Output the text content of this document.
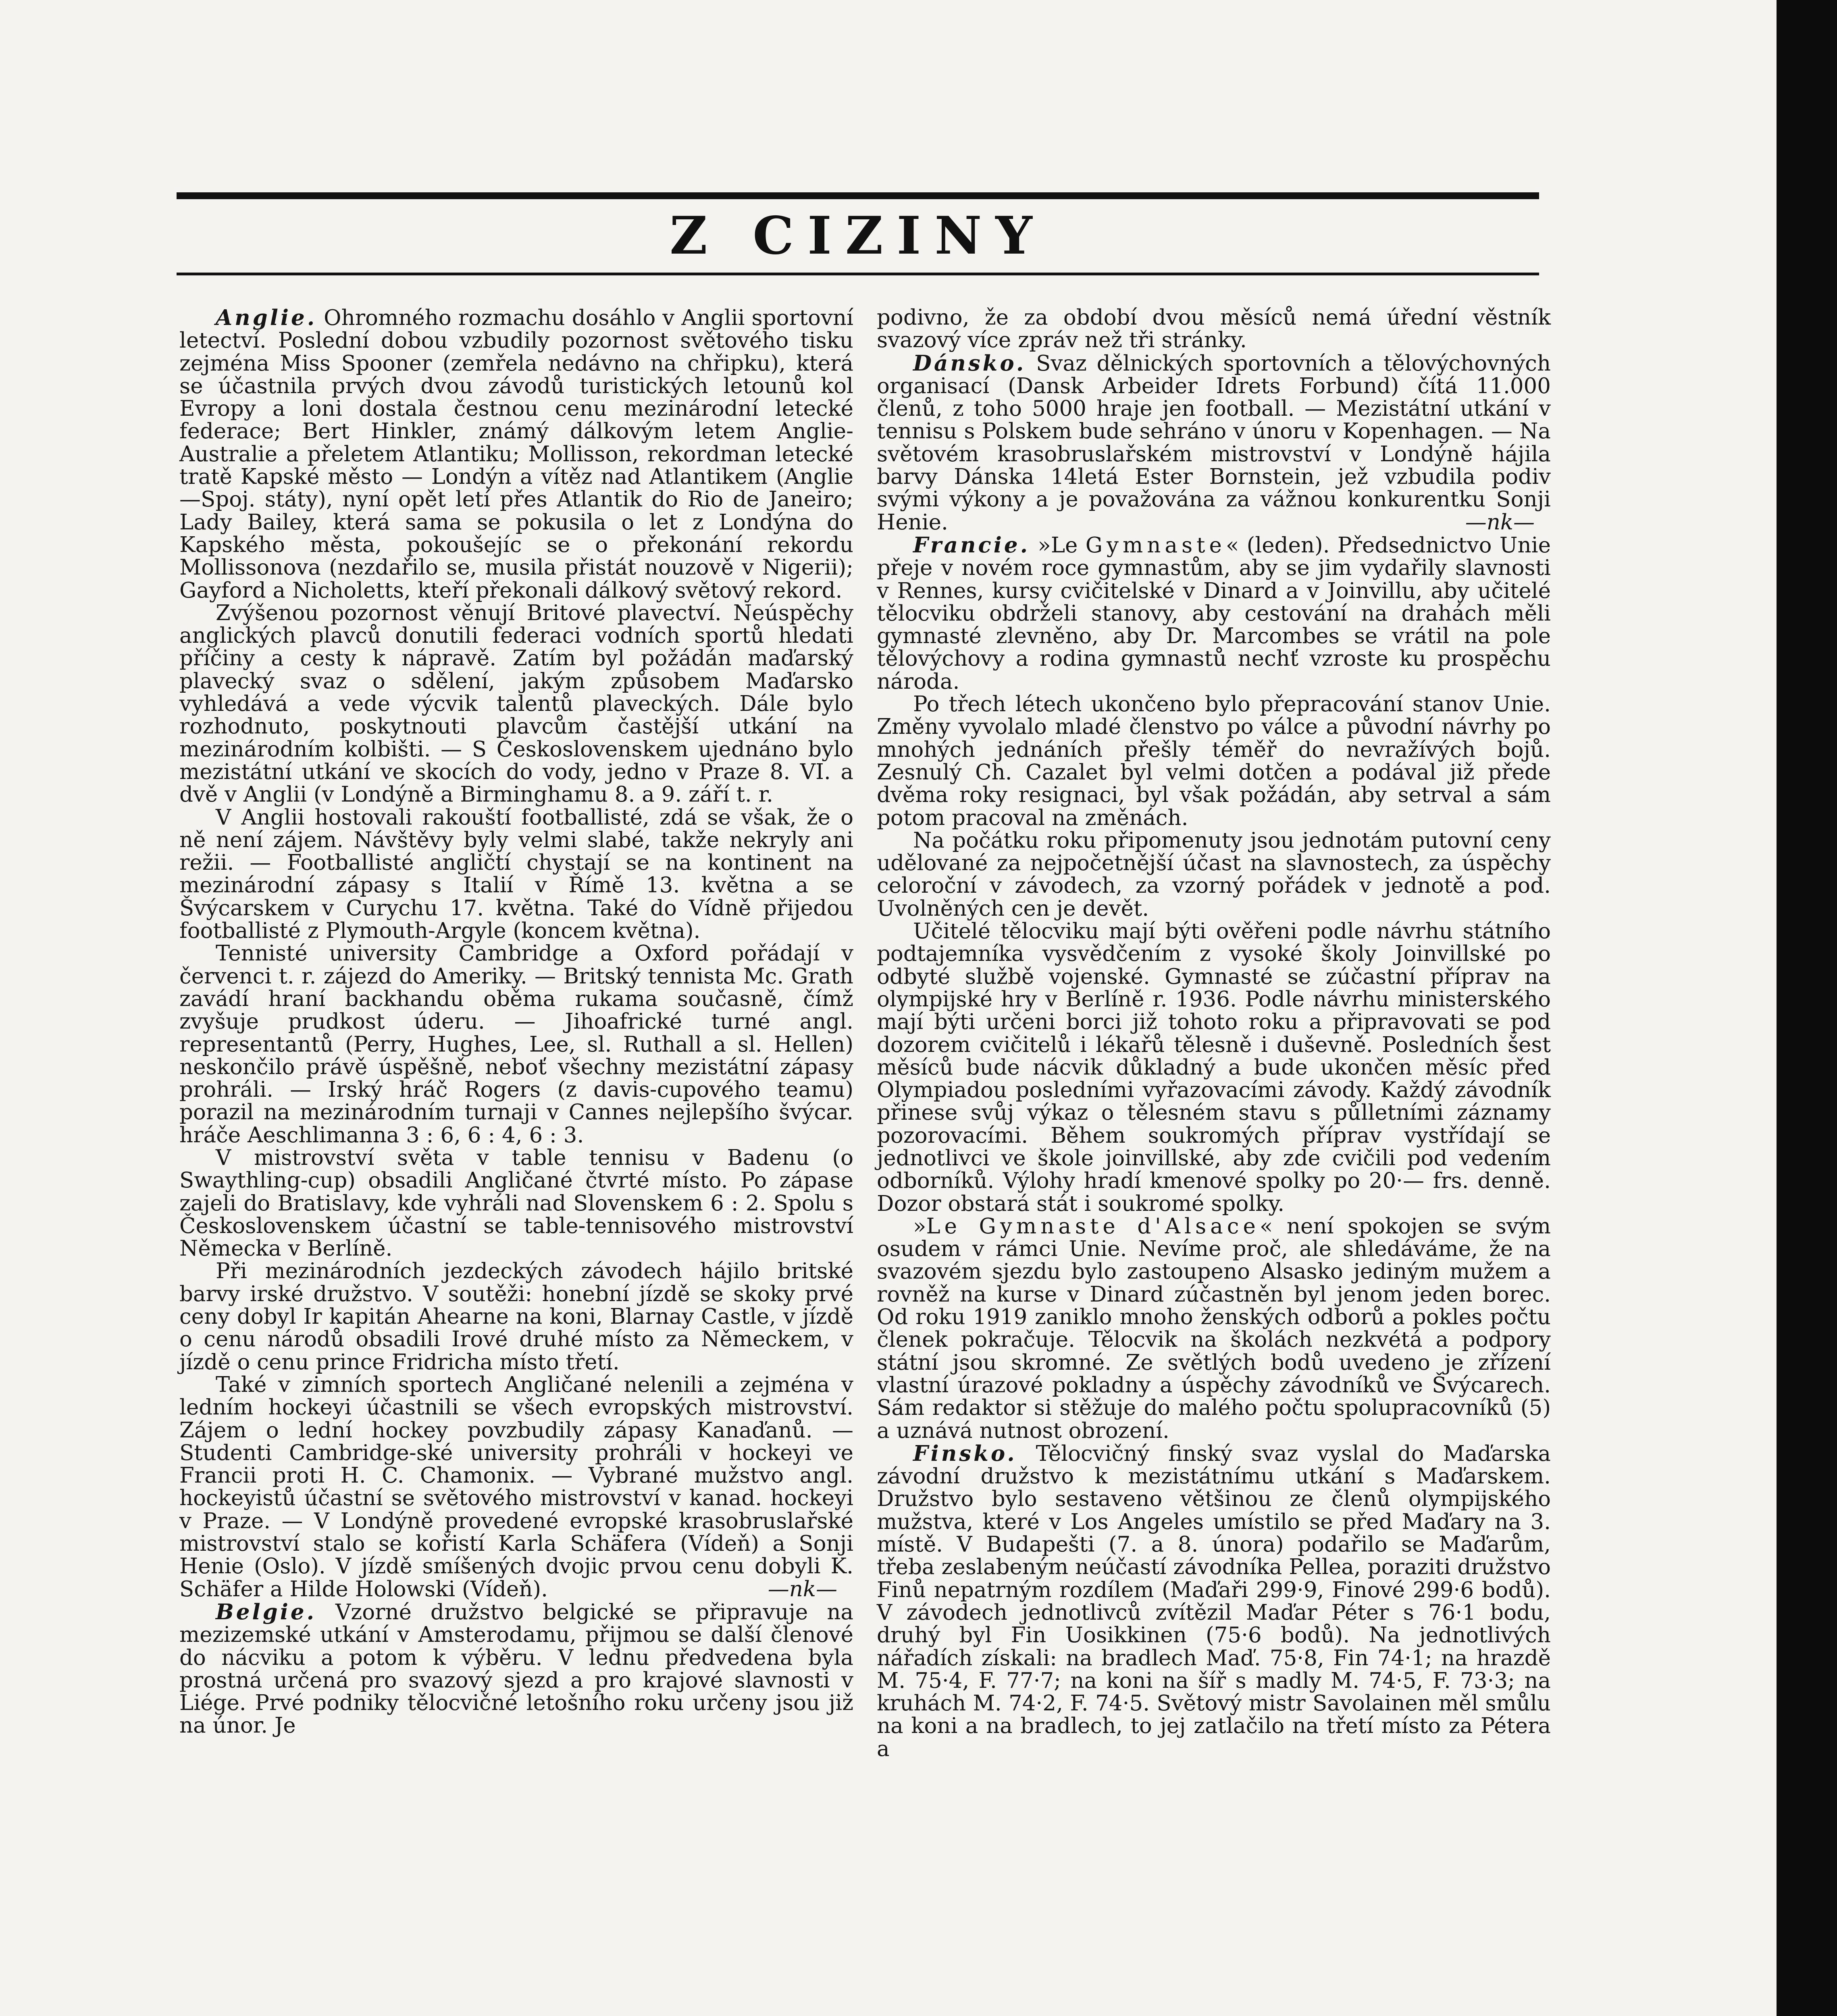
Z CIZINY

Anglie. Ohromného rozmachu dosáhlo v Anglii sportovní letectví. Poslední dobou vzbudily pozornost světového tisku zejména Miss Spooner (zemřela nedávno na chřipku), která se účastnila prvých dvou závodů turistických letounů kol Evropy a loni dostala čestnou cenu mezinárodní letecké federace; Bert Hinkler, známý dálkovým letem Anglie-Australie a přeletem Atlantiku; Mollisson, rekordman letecké tratě Kapské město — Londýn a vítěz nad Atlantikem (Anglie—Spoj. státy), nyní opět letí přes Atlantik do Rio de Janeiro; Lady Bailey, která sama se pokusila o let z Londýna do Kapského města, pokoušejíc se o překonání rekordu Mollissonova (nezdařilo se, musila přistát nouzově v Nigerii); Gayford a Nicholetts, kteří překonali dálkový světový rekord.

Zvýšenou pozornost věnují Britové plavectví. Neúspěchy anglických plavců donutili federaci vodních sportů hledati příčiny a cesty k nápravě. Zatím byl požádán maďarský plavecký svaz o sdělení, jakým způsobem Maďarsko vyhledává a vede výcvik talentů plaveckých. Dále bylo rozhodnuto, poskytnouti plavcům častější utkání na mezinárodním kolbišti. — S Československem ujednáno bylo mezistátní utkání ve skocích do vody, jedno v Praze 8. VI. a dvě v Anglii (v Londýně a Birminghamu 8. a 9. září t. r.

V Anglii hostovali rakouští footballisté, zdá se však, že o ně není zájem. Návštěvy byly velmi slabé, takže nekryly ani režii. — Footballisté angličtí chystají se na kontinent na mezinárodní zápasy s Italií v Římě 13. května a se Švýcarskem v Curychu 17. května. Také do Vídně přijedou footballisté z Plymouth-Argyle (koncem května).

Tennisté university Cambridge a Oxford pořádají v červenci t. r. zájezd do Ameriky. — Britský tennista Mc. Grath zavádí hraní backhandu oběma rukama současně, čímž zvyšuje prudkost úderu. — Jihoafrické turné angl. representantů (Perry, Hughes, Lee, sl. Ruthall a sl. Hellen) neskončilo právě úspěšně, neboť všechny mezistátní zápasy prohráli. — Irský hráč Rogers (z davis-cupového teamu) porazil na mezinárodním turnaji v Cannes nejlepšího švýcar. hráče Aeschlimanna 3 : 6, 6 : 4, 6 : 3.

V mistrovství světa v table tennisu v Badenu (o Swaythling-cup) obsadili Angličané čtvrté místo. Po zápase zajeli do Bratislavy, kde vyhráli nad Slovenskem 6 : 2. Spolu s Československem účastní se table-tennisového mistrovství Německa v Berlíně.

Při mezinárodních jezdeckých závodech hájilo britské barvy irské družstvo. V soutěži: honební jízdě se skoky prvé ceny dobyl Ir kapitán Ahearne na koni, Blarnay Castle, v jízdě o cenu národů obsadili Irové druhé místo za Německem, v jízdě o cenu prince Fridricha místo třetí.

Také v zimních sportech Angličané nelenili a zejména v ledním hockeyi účastnili se všech evropských mistrovství. Zájem o lední hockey povzbudily zápasy Kanaďanů. — Studenti Cambridge-ské university prohráli v hockeyi ve Francii proti H. C. Chamonix. — Vybrané mužstvo angl. hockeyistů účastní se světového mistrovství v kanad. hockeyi v Praze. — V Londýně provedené evropské krasobruslařské mistrovství stalo se kořistí Karla Schäfera (Vídeň) a Sonji Henie (Oslo). V jízdě smíšených dvojic prvou cenu dobyli K. Schäfer a Hilde Holowski (Vídeň).	—nk—

Belgie. Vzorné družstvo belgické se připravuje na mezizemské utkání v Amsterodamu, přijmou se další členové do nácviku a potom k výběru. V lednu předvedena byla prostná určená pro svazový sjezd a pro krajové slavnosti v Liége. Prvé podniky tělocvičné letošního roku určeny jsou již na únor. Je

podivno, že za období dvou měsíců nemá úřední věstník svazový více zpráv než tři stránky.

Dánsko. Svaz dělnických sportovních a tělovýchovných organisací (Dansk Arbeider Idrets Forbund) čítá 11.000 členů, z toho 5000 hraje jen football. — Mezistátní utkání v tennisu s Polskem bude sehráno v únoru v Kopenhagen. — Na světovém krasobruslařském mistrovství v Londýně hájila barvy Dánska 14letá Ester Bornstein, jež vzbudila podiv svými výkony a je považována za vážnou konkurentku Sonji Henie.	—nk—

Francie. »Le Gymnaste« (leden). Předsednictvo Unie přeje v novém roce gymnastům, aby se jim vydařily slavnosti v Rennes, kursy cvičitelské v Dinard a v Joinvillu, aby učitelé tělocviku obdrželi stanovy, aby cestování na drahách měli gymnasté zlevněno, aby Dr. Marcombes se vrátil na pole tělovýchovy a rodina gymnastů nechť vzroste ku prospěchu národa.

Po třech létech ukončeno bylo přepracování stanov Unie. Změny vyvolalo mladé členstvo po válce a původní návrhy po mnohých jednáních přešly téměř do nevražívých bojů. Zesnulý Ch. Cazalet byl velmi dotčen a podával již přede dvěma roky resignaci, byl však požádán, aby setrval a sám potom pracoval na změnách.

Na počátku roku připomenuty jsou jednotám putovní ceny udělované za nejpočetnější účast na slavnostech, za úspěchy celoroční v závodech, za vzorný pořádek v jednotě a pod. Uvolněných cen je devět.

Učitelé tělocviku mají býti ověřeni podle návrhu státního podtajemníka vysvědčením z vysoké školy Joinvillské po odbyté službě vojenské. Gymnasté se zúčastní příprav na olympijské hry v Berlíně r. 1936. Podle návrhu ministerského mají býti určeni borci již tohoto roku a připravovati se pod dozorem cvičitelů i lékařů tělesně i duševně. Posledních šest měsíců bude nácvik důkladný a bude ukončen měsíc před Olympiadou posledními vyřazovacími závody. Každý závodník přinese svůj výkaz o tělesném stavu s půlletními záznamy pozorovacími. Během soukromých příprav vystřídají se jednotlivci ve škole joinvillské, aby zde cvičili pod vedením odborníků. Výlohy hradí kmenové spolky po 20·— frs. denně. Dozor obstará stát i soukromé spolky.

»Le Gymnaste d'Alsace« není spokojen se svým osudem v rámci Unie. Nevíme proč, ale shledáváme, že na svazovém sjezdu bylo zastoupeno Alsasko jediným mužem a rovněž na kurse v Dinard zúčastněn byl jenom jeden borec. Od roku 1919 zaniklo mnoho ženských odborů a pokles počtu členek pokračuje. Tělocvik na školách nezkvétá a podpory státní jsou skromné. Ze světlých bodů uvedeno je zřízení vlastní úrazové pokladny a úspěchy závodníků ve Švýcarech. Sám redaktor si stěžuje do malého počtu spolupracovníků (5) a uznává nutnost obrození.

Finsko. Tělocvičný finský svaz vyslal do Maďarska závodní družstvo k mezistátnímu utkání s Maďarskem. Družstvo bylo sestaveno většinou ze členů olympijského mužstva, které v Los Angeles umístilo se před Maďary na 3. místě. V Budapešti (7. a 8. února) podařilo se Maďarům, třeba zeslabeným neúčastí závodníka Pellea, poraziti družstvo Finů nepatrným rozdílem (Maďaři 299·9, Finové 299·6 bodů). V závodech jednotlivců zvítězil Maďar Péter s 76·1 bodu, druhý byl Fin Uosikkinen (75·6 bodů). Na jednotlivých nářadích získali: na bradlech Maď. 75·8, Fin 74·1; na hrazdě M. 75·4, F. 77·7; na koni na šíř s madly M. 74·5, F. 73·3; na kruhách M. 74·2, F. 74·5. Světový mistr Savolainen měl smůlu na koni a na bradlech, to jej zatlačilo na třetí místo za Pétera a
